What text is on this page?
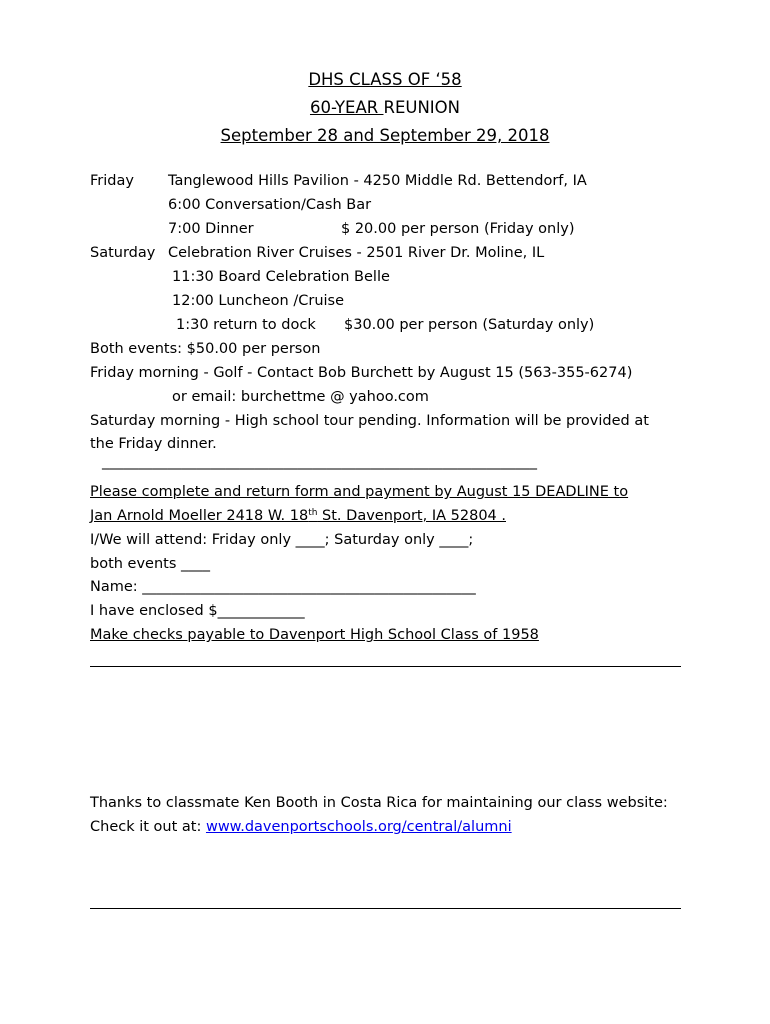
DHS CLASS OF ‘58
60-YEAR REUNION
September 28 and September 29, 2018
Friday Tanglewood Hills Pavilion - 4250 Middle Rd. Bettendorf, IA
6:00 Conversation/Cash Bar
7:00 Dinner	$ 20.00 per person (Friday only)
Saturday Celebration River Cruises - 2501 River Dr. Moline, IL
11:30 Board Celebration Belle
12:00 Luncheon /Cruise
1:30 return to dock $30.00 per person (Saturday only)
Both events: $50.00 per person
Friday morning - Golf - Contact Bob Burchett by August 15 (563-355-6274)
or email: burchettme @ yahoo.com
Saturday morning - High school tour pending. Information will be provided at
the Friday dinner.
____________________________________________________________
Please complete and return form and payment by August 15 DEADLINE to
Jan Arnold Moeller 2418 W. 18th St. Davenport, IA 52804 .
I/We will attend: Friday only ____; Saturday only ____;
both events ____
Name: ______________________________________________
I have enclosed $____________
Make checks payable to Davenport High School Class of 1958
Thanks to classmate Ken Booth in Costa Rica for maintaining our class website:
Check it out at: www.davenportschools.org/central/alumni
